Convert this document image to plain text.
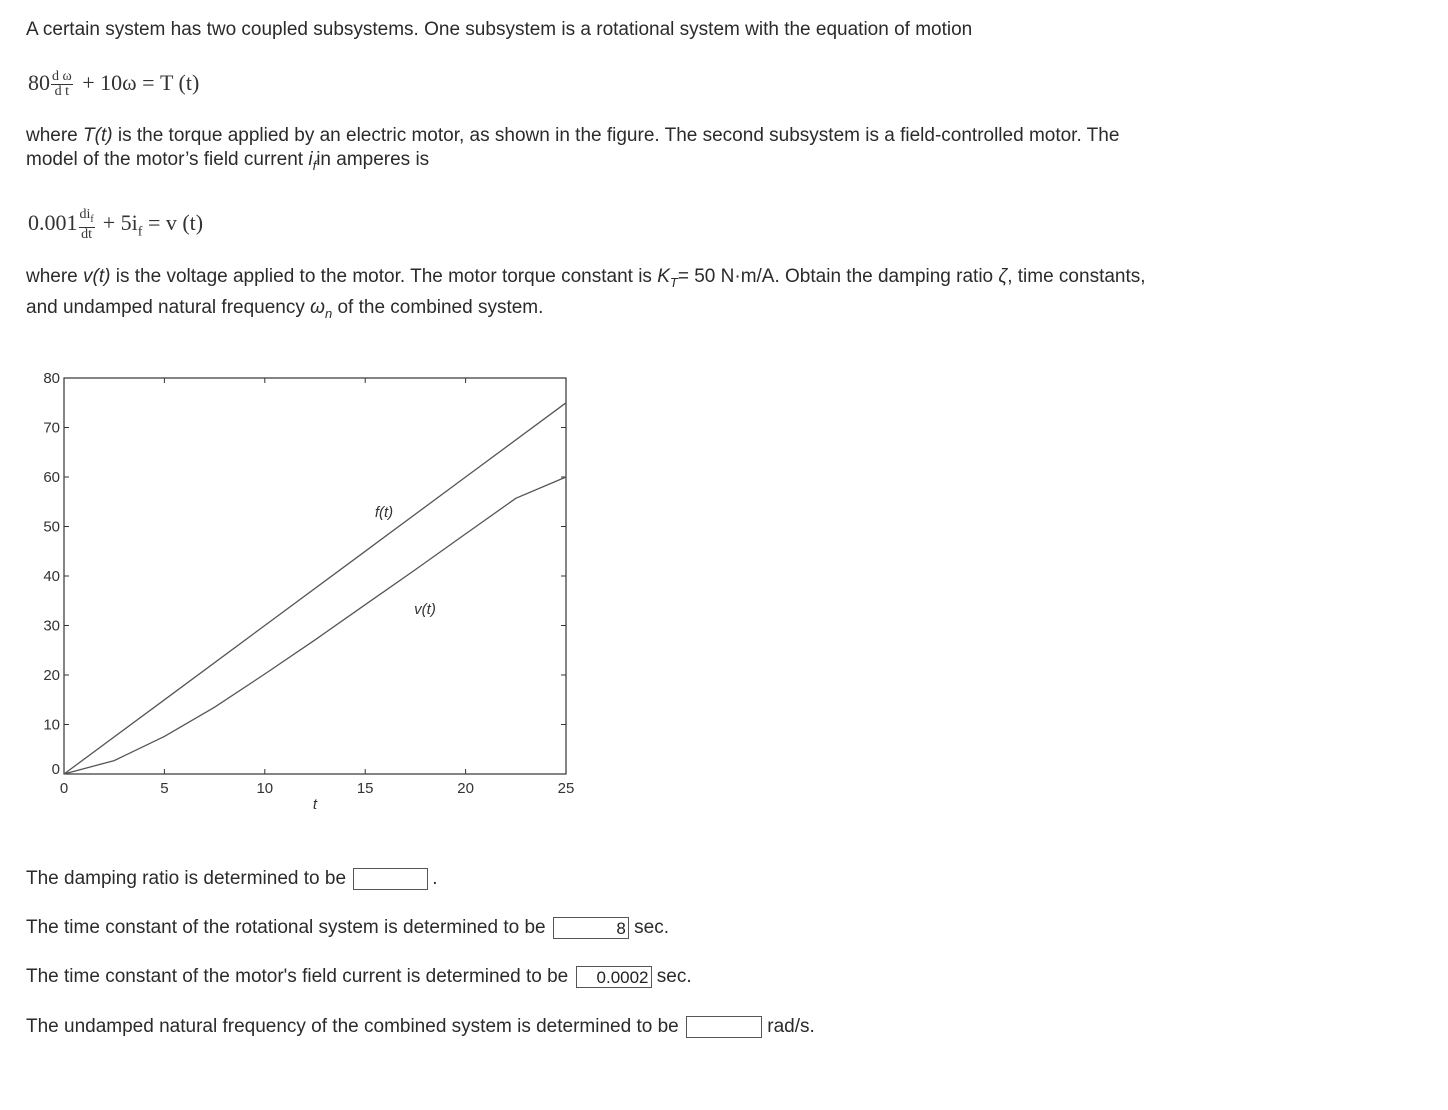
A certain system has two coupled subsystems. One subsystem is a rotational system with the equation of motion
$80 \frac{\text{d ω}}{\text{d t}} + 10\omega = T$ (t)
where T(t) is the torque applied by an electric motor, as shown in the figure. The second subsystem is a field-controlled motor. The
model of the motor’s field current $i_fin$ amperes is
$0.001 \frac{di_f}{dt} + 5i_f = v$ (t)
where v(t) is the voltage applied to the motor. The motor torque constant is $K_T= 50$ N·m/A. Obtain the damping ratio ζ, time constants,
and undamped natural frequency $\omega_n$ of the combined system.
0	5	10	15	20	25
0
10
20
30
40
50
60
70
80
t
f(t)
v(t)
The damping ratio is determined to be	.
The time constant of the rotational system is determined to be	8 sec.
The time constant of the motor's field current is determined to be 0.0002 sec.
The undamped natural frequency of the combined system is determined to be	rad/s.
